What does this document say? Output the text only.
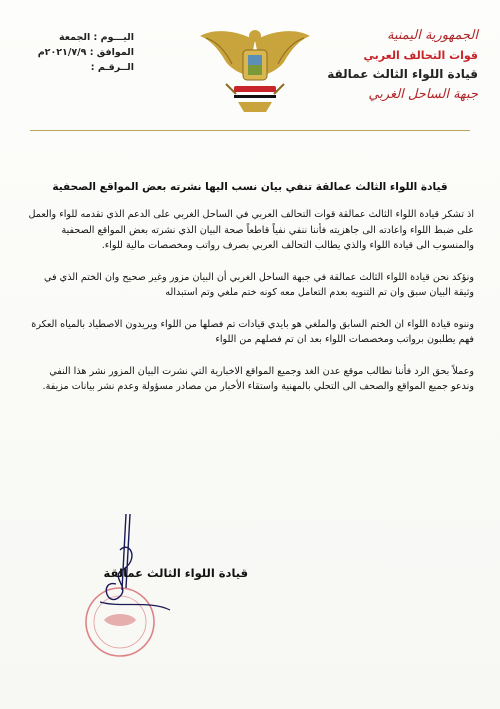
الجمهورية اليمنية
قوات التحالف العربي
قيادة اللواء الثالث عمالقة
جبهة الساحل الغربي
اليـــوم : الجمعة
الموافق : ٢٠٢١/٧/٩م
الــرقـم :
قيادة اللواء الثالث عمالقة تنفي بيان نسب اليها نشرته بعض المواقع الصحفية

اذ تشكر قيادة اللواء الثالث عمالقة قوات التحالف العربي في الساحل الغربي على الدعم الذي تقدمه للواء والعمل على ضبط اللواء واعادته الى جاهزيته فأننا ننفي نفياً قاطعاً صحة البيان الذي نشرته بعض المواقع الصحفية والمنسوب الى قيادة اللواء والذي يطالب التحالف العربي بصرف رواتب ومخصصات مالية للواء.

ونؤكد نحن قيادة اللواء الثالث عمالقة في جبهة الساحل الغربي أن البيان مزور وغير صحيح وان الختم الذي في وثيقة البيان سبق وان تم التنويه بعدم التعامل معه كونه ختم ملغي وتم استبداله

وننوه قيادة اللواء ان الختم السابق والملغي هو بايدي قيادات تم فصلها من اللواء ويريدون الاصطياد بالمياه العكرة فهم يطلبون برواتب ومخصصات اللواء بعد ان تم فصلهم من اللواء

وعملاً بحق الرد فأننا نطالب موقع عدن الغد وجميع المواقع الاخبارية التي نشرت البيان المزور نشر هذا النفي وندعو جميع المواقع والصحف الى التحلي بالمهنية واستقاء الأخبار من مصادر مسؤولة وعدم نشر بيانات مزيفة.

قيادة اللواء الثالث عمالقة
